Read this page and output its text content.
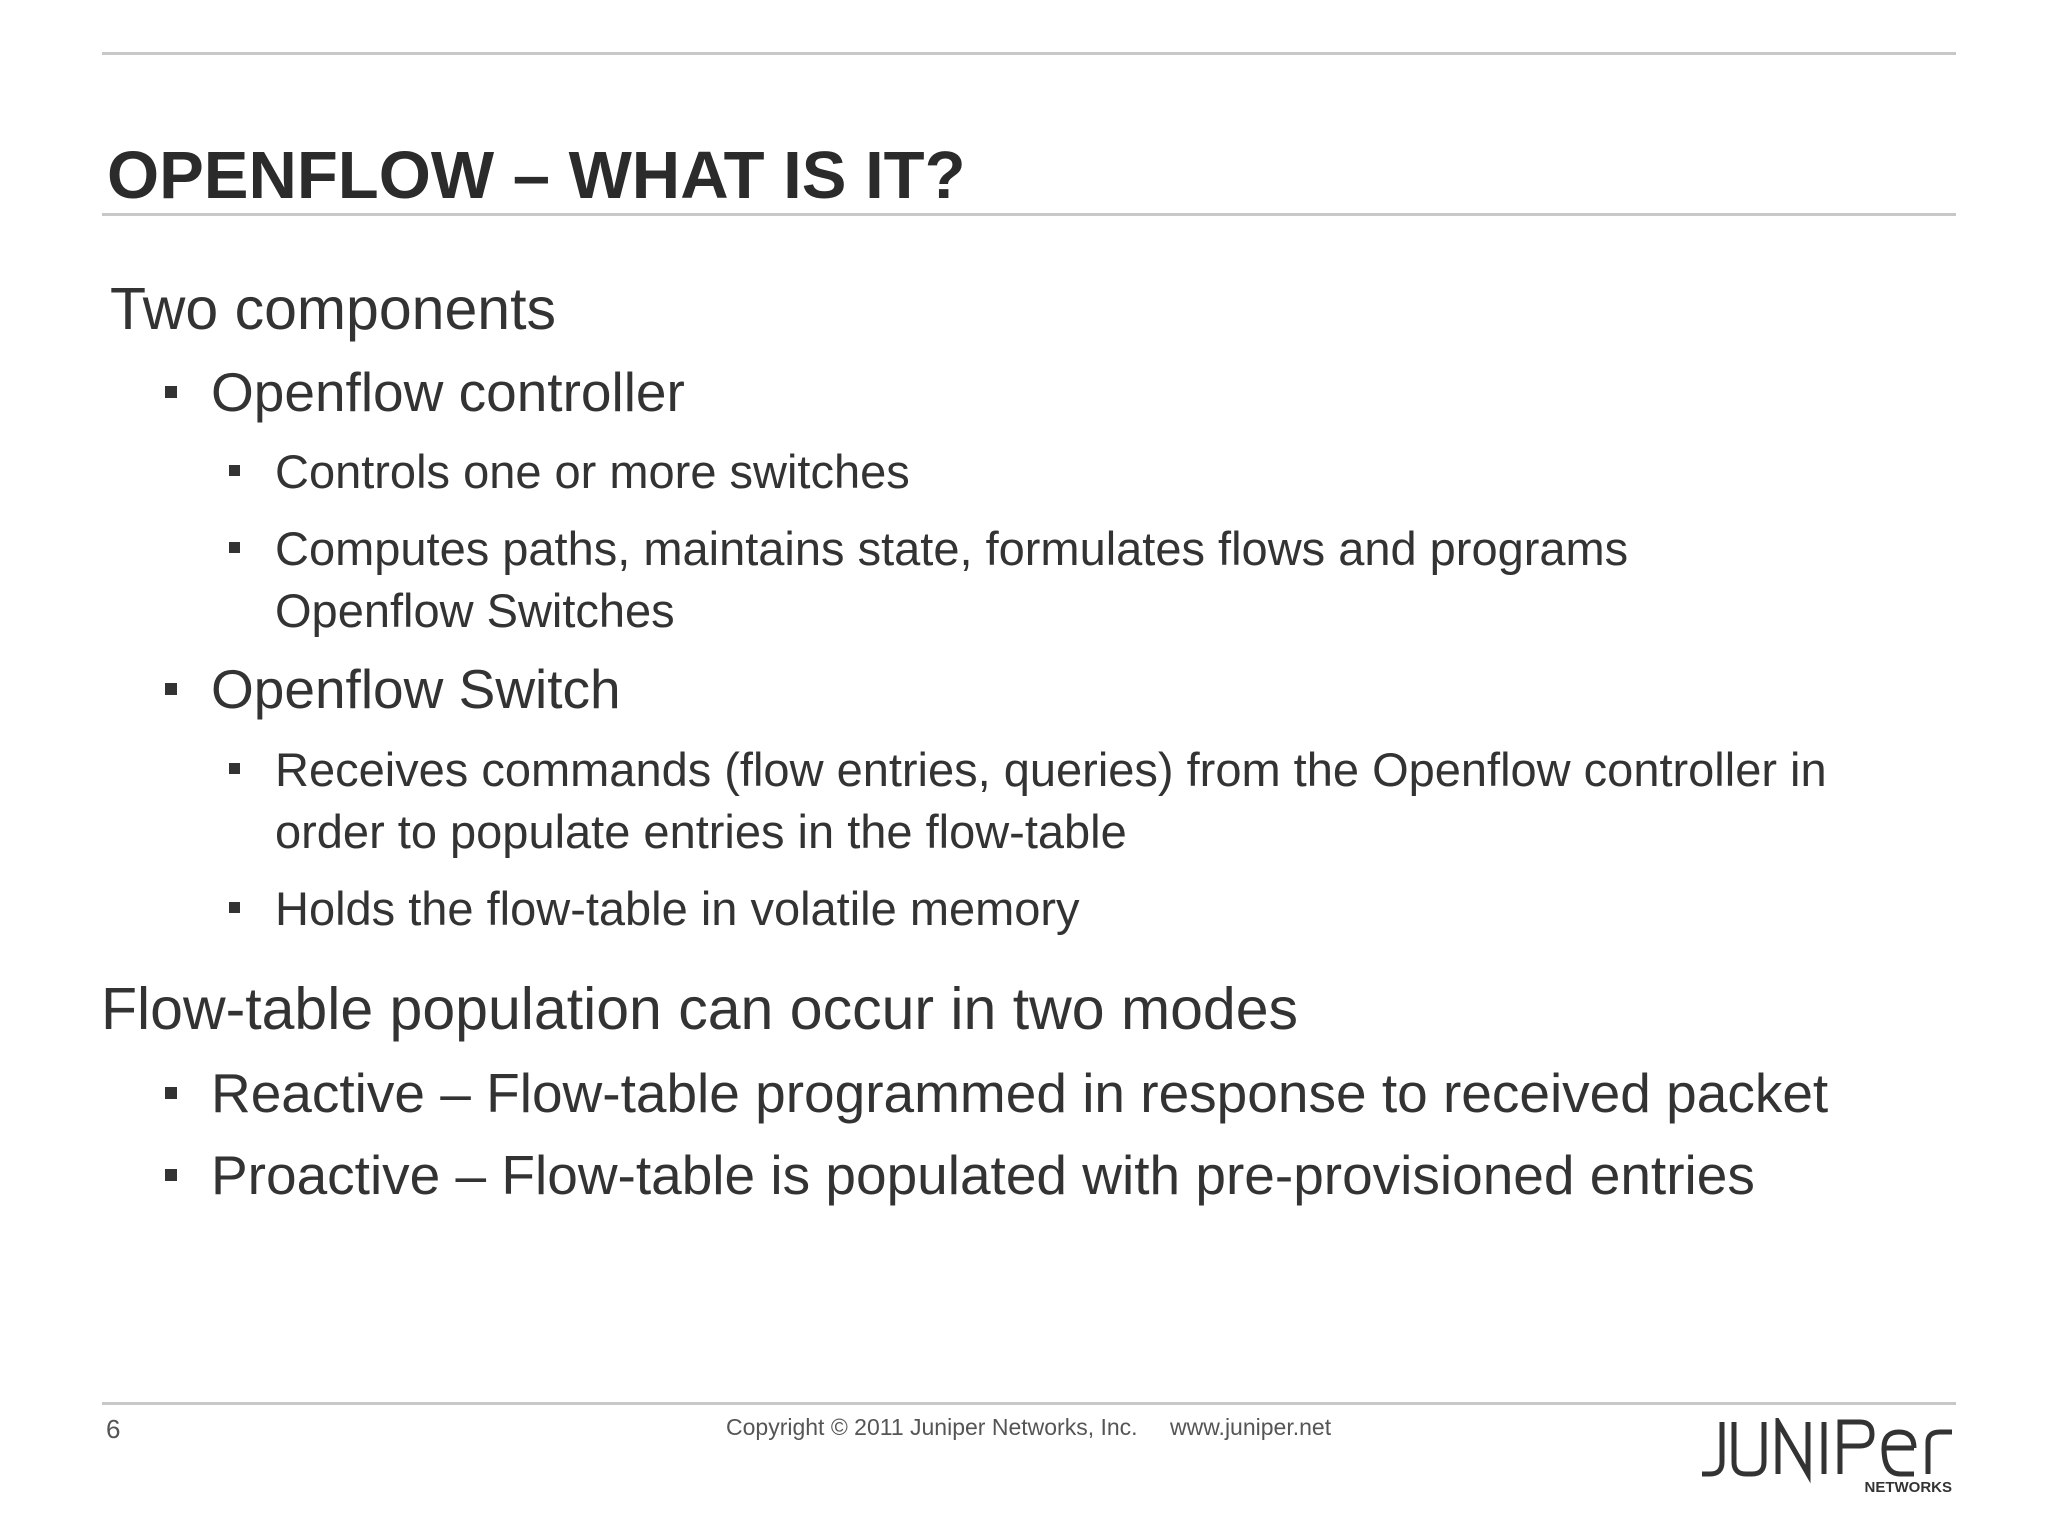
OPENFLOW – WHAT IS IT?
Two components
Openflow controller
Controls one or more switches
Computes paths, maintains state, formulates flows and programs Openflow Switches
Openflow Switch
Receives commands (flow entries, queries) from the Openflow controller in order to populate entries in the flow-table
Holds the flow-table in volatile memory
Flow-table population can occur in two modes
Reactive – Flow-table programmed in response to received packet
Proactive – Flow-table is populated with pre-provisioned entries
6	Copyright © 2011 Juniper Networks, Inc. www.juniper.net
NETWORKS
